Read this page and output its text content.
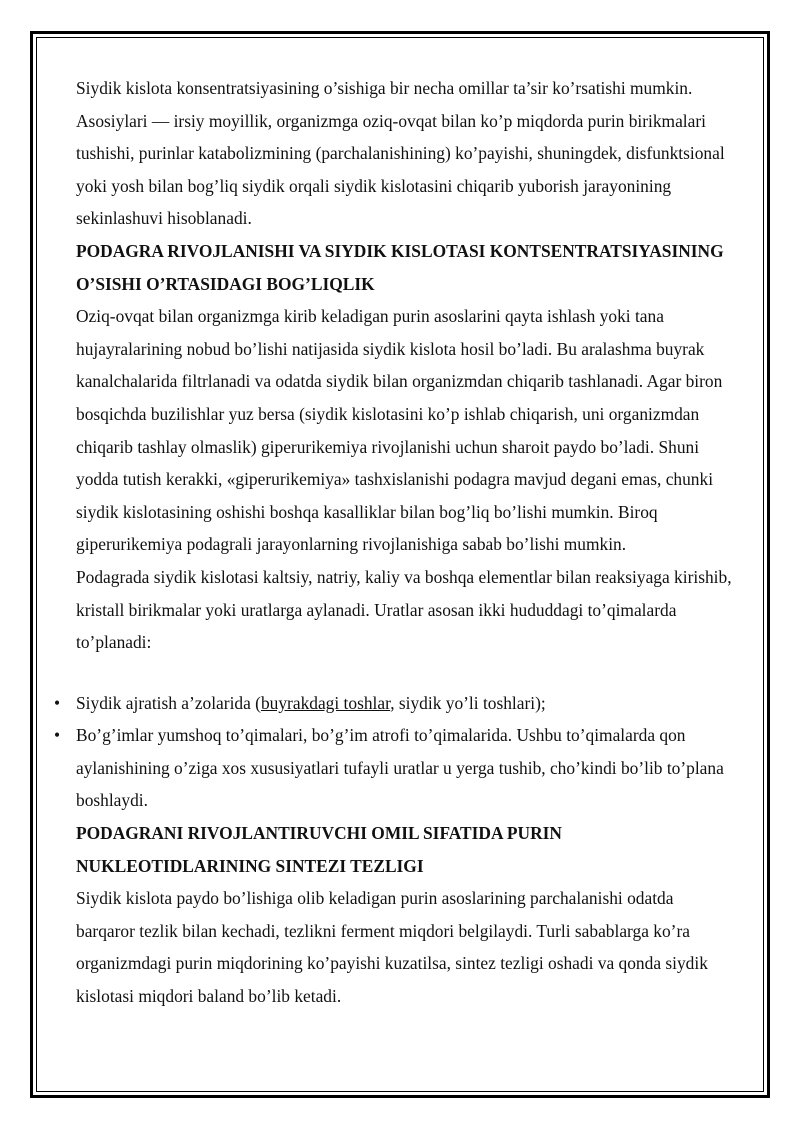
Siydik kislota konsentratsiyasining o’sishiga bir necha omillar ta’sir ko’rsatishi mumkin. Asosiylari — irsiy moyillik, organizmga oziq-ovqat bilan ko’p miqdorda purin birikmalari tushishi, purinlar katabolizmining (parchalanishining) ko’payishi, shuningdek, disfunktsional yoki yosh bilan bog’liq siydik orqali siydik kislotasini chiqarib yuborish jarayonining sekinlashuvi hisoblanadi.

PODAGRA RIVOJLANISHI VA SIYDIK KISLOTASI KONTSENTRATSIYASINING O’SISHI O’RTASIDAGI BOG’LIQLIK

Oziq-ovqat bilan organizmga kirib keladigan purin asoslarini qayta ishlash yoki tana hujayralarining nobud bo’lishi natijasida siydik kislota hosil bo’ladi. Bu aralashma buyrak kanalchalarida filtrlanadi va odatda siydik bilan organizmdan chiqarib tashlanadi. Agar biron bosqichda buzilishlar yuz bersa (siydik kislotasini ko’p ishlab chiqarish, uni organizmdan chiqarib tashlay olmaslik) giperurikemiya rivojlanishi uchun sharoit paydo bo’ladi. Shuni yodda tutish kerakki, «giperurikemiya» tashxislanishi podagra mavjud degani emas, chunki siydik kislotasining oshishi boshqa kasalliklar bilan bog’liq bo’lishi mumkin. Biroq giperurikemiya podagrali jarayonlarning rivojlanishiga sabab bo’lishi mumkin.

Podagrada siydik kislotasi kaltsiy, natriy, kaliy va boshqa elementlar bilan reaksiyaga kirishib, kristall birikmalar yoki uratlarga aylanadi. Uratlar asosan ikki hududdagi to’qimalarda to’planadi:

• Siydik ajratish a’zolarida (buyrakdagi toshlar, siydik yo’li toshlari);
• Bo’g’imlar yumshoq to’qimalari, bo’g’im atrofi to’qimalarida. Ushbu to’qimalarda qon aylanishining o’ziga xos xususiyatlari tufayli uratlar u yerga tushib, cho’kindi bo’lib to’plana boshlaydi.

PODAGRANI RIVOJLANTIRUVCHI OMIL SIFATIDA PURIN NUKLEOTIDLARINING SINTEZI TEZLIGI

Siydik kislota paydo bo’lishiga olib keladigan purin asoslarining parchalanishi odatda barqaror tezlik bilan kechadi, tezlikni ferment miqdori belgilaydi. Turli sabablarga ko’ra organizmdagi purin miqdorining ko’payishi kuzatilsa, sintez tezligi oshadi va qonda siydik kislotasi miqdori baland bo’lib ketadi.
